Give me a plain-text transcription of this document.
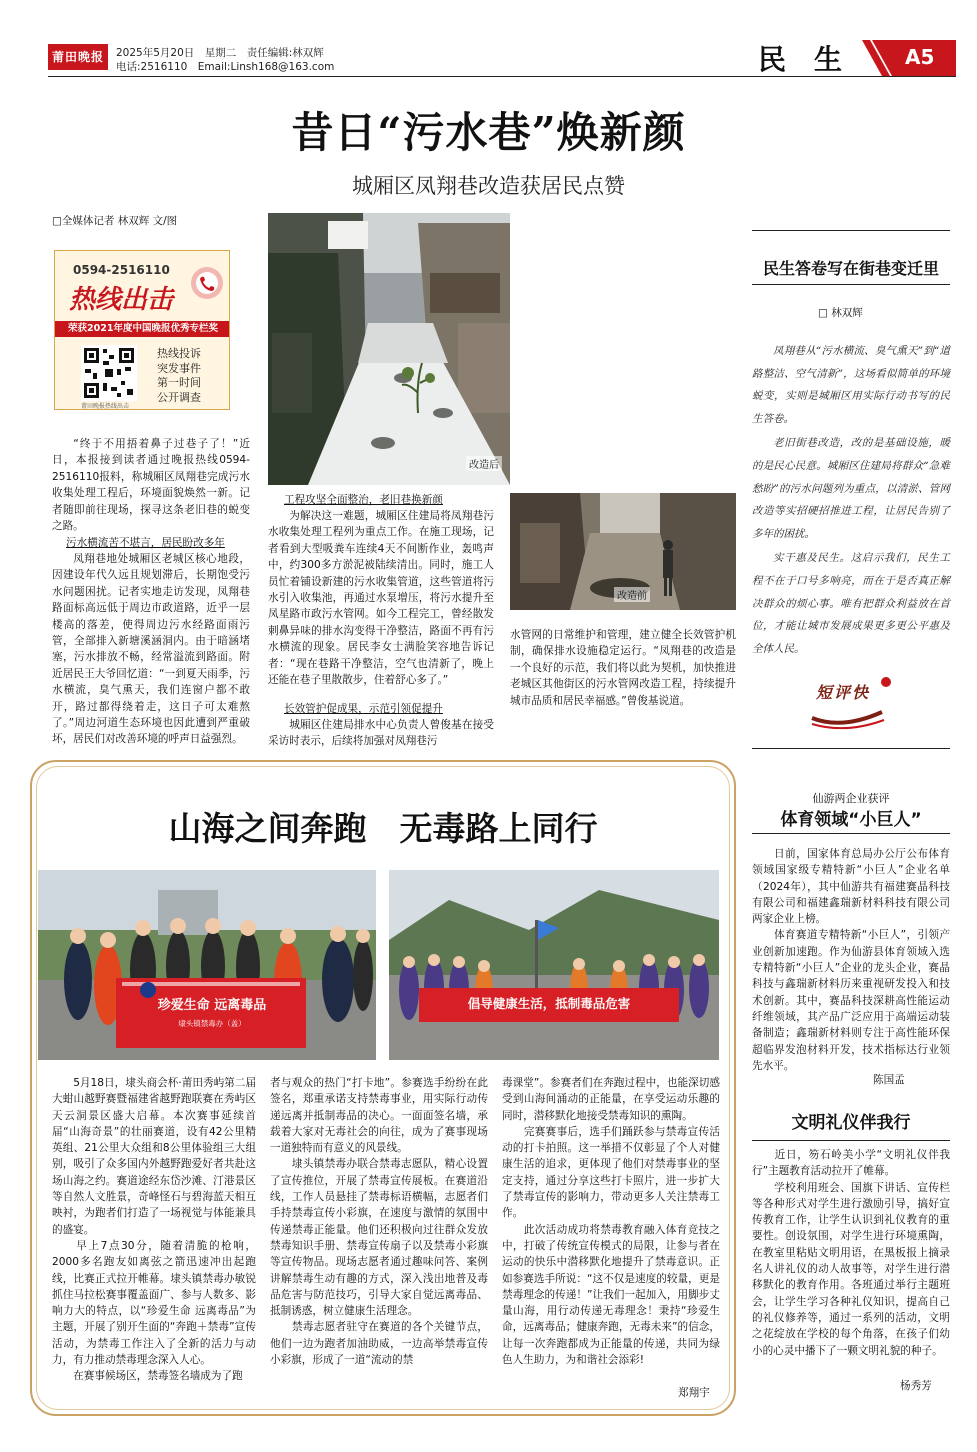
莆田晚报	2025年5月20日　星期二　责任编辑:林双辉
电话:2516110　Email:Linsh168@163.com	民　生	A5
昔日“污水巷”焕新颜
城厢区凤翔巷改造获居民点赞
□全媒体记者 林双辉 文/图
0594-2516110
热线出击
荣获2021年度中国晚报优秀专栏奖
热线投诉
突发事件
第一时间
公开调查
莆田晚报热线出击
“终于不用捂着鼻子过巷子了！”近日，本报接到读者通过晚报热线0594-2516110报料，称城厢区凤翔巷完成污水收集处理工程后，环境面貌焕然一新。记者随即前往现场，探寻这条老旧巷的蜕变之路。
污水横流苦不堪言，居民盼改多年
凤翔巷地处城厢区老城区核心地段，因建设年代久远且规划滞后，长期饱受污水问题困扰。记者实地走访发现，凤翔巷路面标高远低于周边市政道路，近乎一层楼高的落差，使得周边污水经路面雨污管，全部排入新塘溪涵洞内。由于暗涵堵塞，污水排放不畅，经常溢流到路面。附近居民王大爷回忆道：“一到夏天雨季，污水横流，臭气熏天，我们连窗户都不敢开，路过都得绕着走，这日子可太难熬了。”周边河道生态环境也因此遭到严重破坏，居民们对改善环境的呼声日益强烈。
改造后
工程攻坚全面整治，老旧巷换新颜
为解决这一难题，城厢区住建局将凤翔巷污水收集处理工程列为重点工作。在施工现场，记者看到大型吸粪车连续4天不间断作业，轰鸣声中，约300多方淤泥被陆续清出。同时，施工人员忙着铺设新建的污水收集管道，这些管道将污水引入收集池，再通过水泵增压，将污水提升至凤星路市政污水管网。如今工程完工，曾经散发刺鼻异味的排水沟变得干净整洁，路面不再有污水横流的现象。居民李女士满脸笑容地告诉记者：“现在巷路干净整洁，空气也清新了，晚上还能在巷子里散散步，住着舒心多了。”
长效管护促成果，示范引领促提升
城厢区住建局排水中心负责人曾俊基在接受采访时表示，后续将加强对凤翔巷污
改造前
水管网的日常维护和管理，建立健全长效管护机制，确保排水设施稳定运行。“凤翔巷的改造是一个良好的示范，我们将以此为契机，加快推进老城区其他街区的污水管网改造工程，持续提升城市品质和居民幸福感。”曾俊基说道。
民生答卷写在街巷变迁里
□ 林双辉

凤翔巷从“污水横流、臭气熏天”到“道路整洁、空气清新”，这场看似简单的环境蜕变，实则是城厢区用实际行动书写的民生答卷。

老旧街巷改造，改的是基础设施，暖的是民心民意。城厢区住建局将群众“急难愁盼”的污水问题列为重点，以清淤、管网改造等实招硬招推进工程，让居民告别了多年的困扰。

实干惠及民生。这启示我们，民生工程不在于口号多响亮，而在于是否真正解决群众的烦心事。唯有把群众利益放在首位，才能让城市发展成果更多更公平惠及全体人民。

短评快
山海之间奔跑　无毒路上同行
珍爱生命 远离毒品
埭头镇禁毒办（盖）
倡导健康生活，抵制毒品危害
5月18日，埭头商会杯·莆田秀屿第二届大蚶山越野赛暨福建省越野跑联赛在秀屿区天云洞景区盛大启幕。本次赛事延续首届“山海奇景”的壮丽赛道，设有42公里精英组、21公里大众组和8公里体验组三大组别，吸引了众多国内外越野跑爱好者共赴这场山海之约。赛道途经东岱沙滩、汀港景区等自然人文胜景，奇峰怪石与碧海蓝天相互映衬，为跑者们打造了一场视觉与体能兼具的盛宴。
　　早上7点30分，随着清脆的枪响，2000多名跑友如离弦之箭迅速冲出起跑线，比赛正式拉开帷幕。埭头镇禁毒办敏锐抓住马拉松赛事覆盖面广、参与人数多、影响力大的特点，以“珍爱生命 远离毒品”为主题，开展了别开生面的“奔跑＋禁毒”宣传活动，为禁毒工作注入了全新的活力与动力，有力推动禁毒理念深入人心。
　　在赛事候场区，禁毒签名墙成为了跑
者与观众的热门“打卡地”。参赛选手纷纷在此签名，郑重承诺支持禁毒事业，用实际行动传递远离并抵制毒品的决心。一面面签名墙，承载着大家对无毒社会的向往，成为了赛事现场一道独特而有意义的风景线。
　　埭头镇禁毒办联合禁毒志愿队，精心设置了宣传推位，开展了禁毒宣传展板。在赛道沿线，工作人员悬挂了禁毒标语横幅，志愿者们手持禁毒宣传小彩旗，在速度与激情的氛围中传递禁毒正能量。他们还积极向过往群众发放禁毒知识手册、禁毒宣传扇子以及禁毒小彩旗等宣传物品。现场志愿者通过趣味问答、案例讲解禁毒生动有趣的方式，深入浅出地普及毒品危害与防范技巧，引导大家自觉远离毒品、抵制诱惑，树立健康生活理念。
　　禁毒志愿者驻守在赛道的各个关键节点，他们一边为跑者加油助威，一边高举禁毒宣传小彩旗，形成了一道“流动的禁
毒课堂”。参赛者们在奔跑过程中，也能深切感受到山海间涌动的正能量，在享受运动乐趣的同时，潜移默化地接受禁毒知识的熏陶。
　　完赛赛事后，选手们踊跃参与禁毒宣传活动的打卡拍照。这一举措不仅彰显了个人对健康生活的追求，更体现了他们对禁毒事业的坚定支持，通过分享这些打卡照片，进一步扩大了禁毒宣传的影响力，带动更多人关注禁毒工作。
　　此次活动成功将禁毒教育融入体育竞技之中，打破了传统宣传模式的局限，让参与者在运动的快乐中潜移默化地提升了禁毒意识。正如参赛选手所说：“这不仅是速度的较量，更是禁毒理念的传递！”让我们一起加入，用脚步丈量山海，用行动传递无毒理念！秉持“珍爱生命，远离毒品；健康奔跑，无毒未来”的信念，让每一次奔跑都成为正能量的传递，共同为绿色人生助力，为和谐社会添彩!
郑翔宇
仙游两企业获评
体育领域“小巨人”
　　日前，国家体育总局办公厅公布体育领域国家级专精特新“小巨人”企业名单（2024年），其中仙游共有福建赛晶科技有限公司和福建鑫瑞新材料科技有限公司两家企业上榜。
　　体育赛道专精特新“小巨人”，引领产业创新加速跑。作为仙游县体育领域入选专精特新“小巨人”企业的龙头企业，赛晶科技与鑫瑞新材料历来重视研发投入和技术创新。其中，赛晶科技深耕高性能运动纤维领域，其产品广泛应用于高端运动装备制造；鑫瑞新材料则专注于高性能环保超临界发泡材料开发，技术指标达行业领先水平。
陈国孟
文明礼仪伴我行
　　近日，笏石岭美小学“文明礼仪伴我行”主题教育活动拉开了帷幕。
　　学校利用班会、国旗下讲话、宣传栏等各种形式对学生进行激励引导，搞好宣传教育工作，让学生认识到礼仪教育的重要性。创设氛围，对学生进行环境熏陶，在教室里粘贴文明用语，在黑板报上摘录名人讲礼仪的动人故事等，对学生进行潜移默化的教育作用。各班通过举行主题班会，让学生学习各种礼仪知识，提高自己的礼仪修养等，通过一系列的活动，文明之花绽放在学校的每个角落，在孩子们幼小的心灵中播下了一颗文明礼貌的种子。
杨秀芳
